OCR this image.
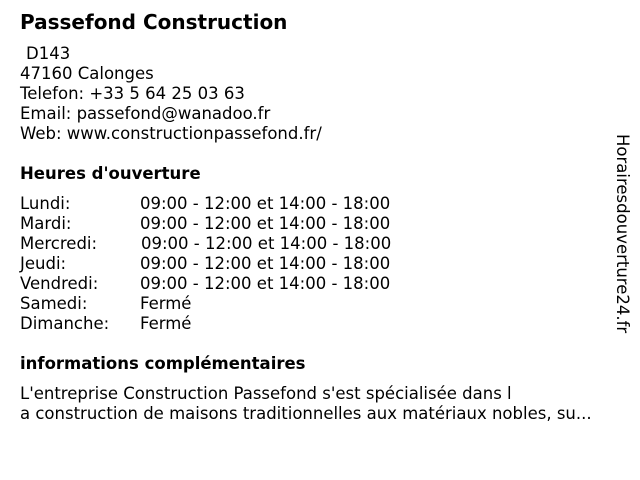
Passefond Construction
D143
47160 Calonges
Telefon: +33 5 64 25 03 63
Email: passefond@wanadoo.fr
Web: www.constructionpassefond.fr/
Heures d'ouverture
Lundi:	09:00 - 12:00 et 14:00 - 18:00
Mardi:	09:00 - 12:00 et 14:00 - 18:00
Mercredi:	09:00 - 12:00 et 14:00 - 18:00
Jeudi:	09:00 - 12:00 et 14:00 - 18:00
Vendredi:	09:00 - 12:00 et 14:00 - 18:00
Samedi:	Fermé
Dimanche: Fermé
informations complémentaires
L'entreprise Construction Passefond s'est spécialisée dans l
a construction de maisons traditionnelles aux matériaux nobles, su...
Horairesdouverture24.fr
